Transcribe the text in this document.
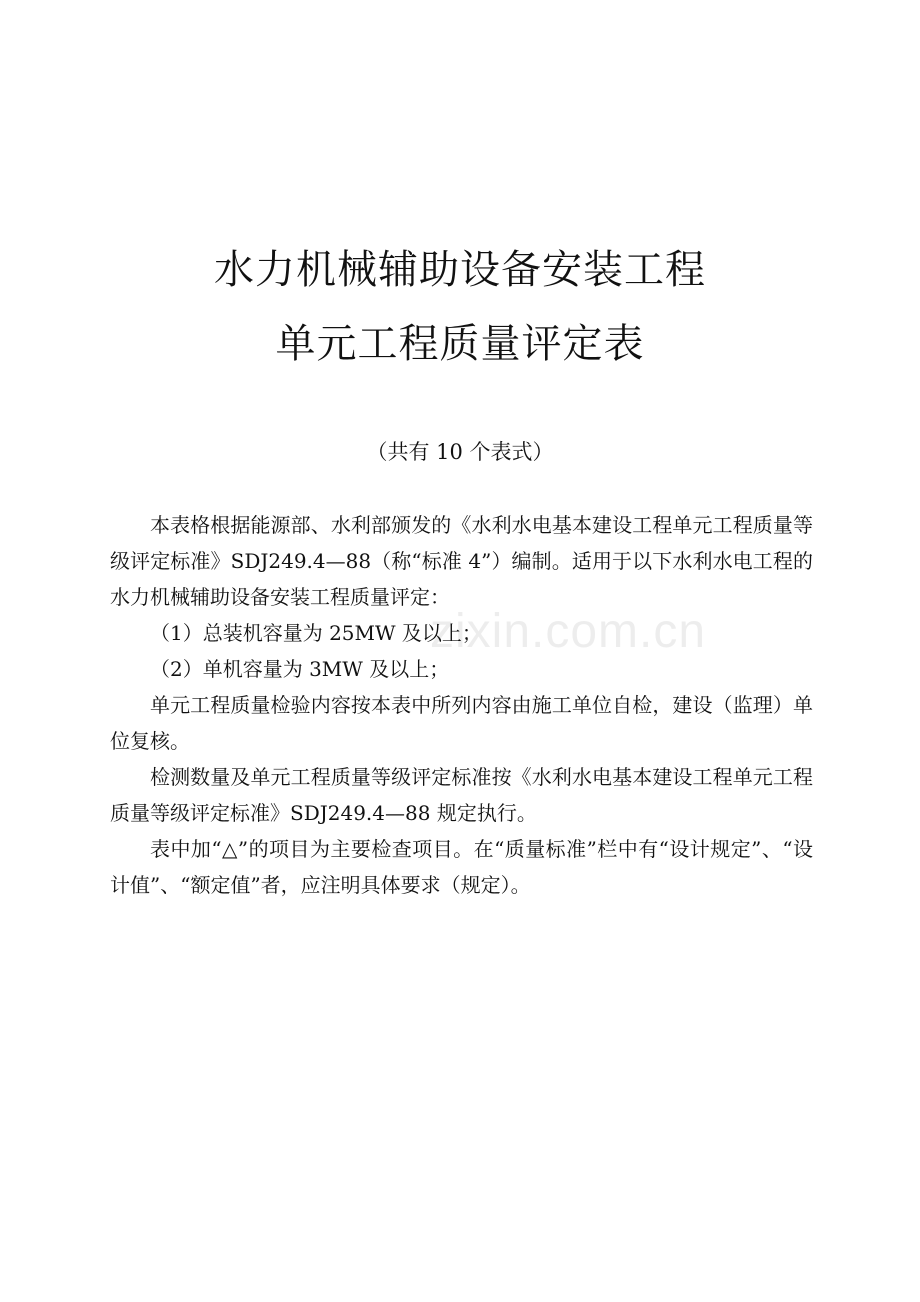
水力机械辅助设备安装工程
单元工程质量评定表
（共有 10 个表式）

本表格根据能源部、水利部颁发的《水利水电基本建设工程单元工程质量等级评定标准》SDJ249.4—88（称“标准 4”）编制。适用于以下水利水电工程的水力机械辅助设备安装工程质量评定：

（1）总装机容量为 25MW 及以上；

（2）单机容量为 3MW 及以上；

单元工程质量检验内容按本表中所列内容由施工单位自检，建设（监理）单位复核。

检测数量及单元工程质量等级评定标准按《水利水电基本建设工程单元工程质量等级评定标准》SDJ249.4—88 规定执行。

表中加“△”的项目为主要检查项目。在“质量标准”栏中有“设计规定”、“设计值”、“额定值”者，应注明具体要求（规定）。

zixin.com.cn
